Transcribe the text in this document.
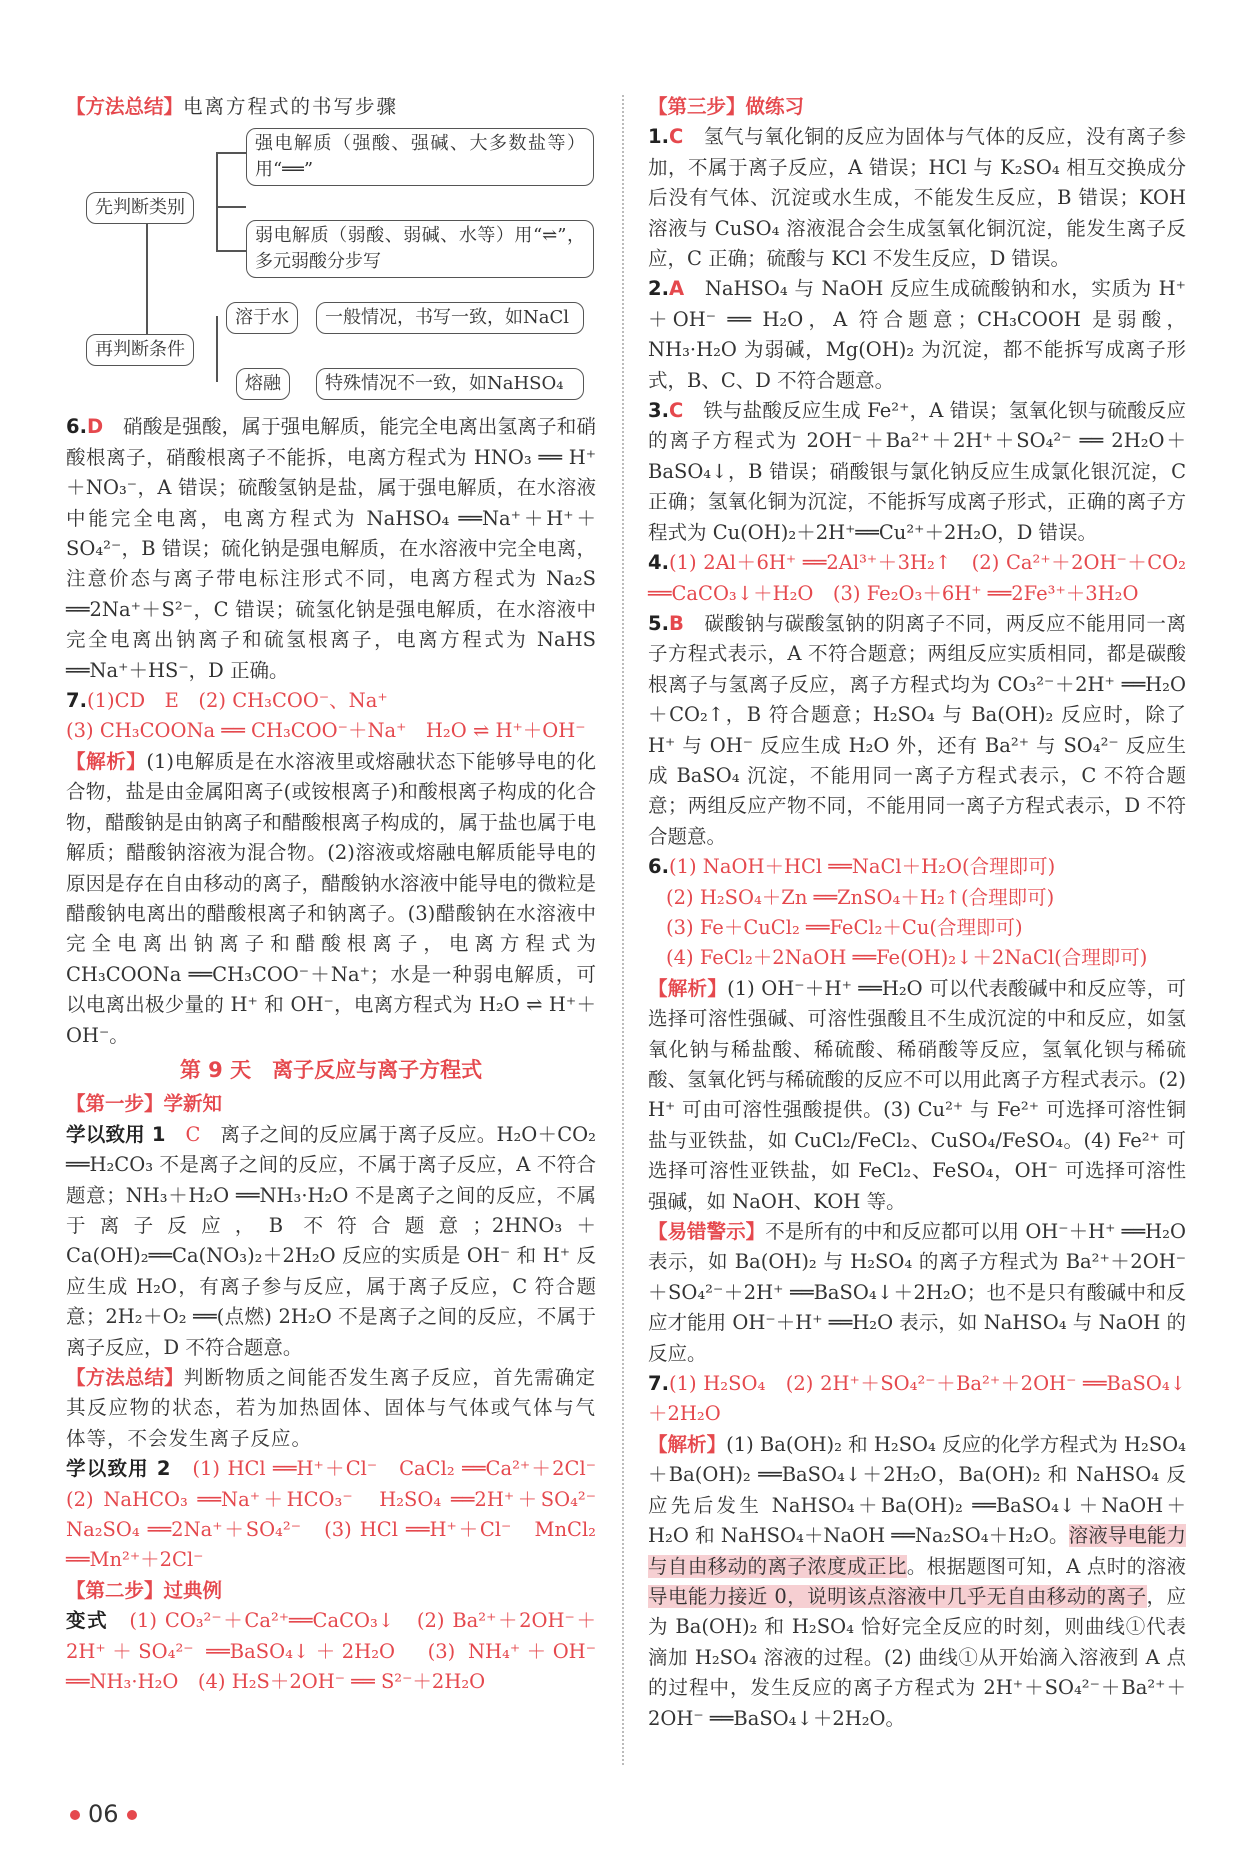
【方法总结】电离方程式的书写步骤

先判断类别
强电解质（强酸、强碱、大多数盐等）用“══”
弱电解质（弱酸、弱碱、水等）用“⇌”，多元弱酸分步写
再判断条件
溶于水
熔融
一般情况，书写一致，如NaCl
特殊情况不一致，如NaHSO₄

6.D　 硝酸是强酸，属于强电解质，能完全电离出氢离子和硝酸根离子，硝酸根离子不能拆，电离方程式为 HNO₃ ══ H⁺＋NO₃⁻，A 错误；硫酸氢钠是盐，属于强电解质，在水溶液中能完全电离，电离方程式为 NaHSO₄ ══Na⁺＋H⁺＋SO₄²⁻，B 错误；硫化钠是强电解质，在水溶液中完全电离，注意价态与离子带电标注形式不同，电离方程式为 Na₂S ══2Na⁺＋S²⁻，C 错误；硫氢化钠是强电解质，在水溶液中完全电离出钠离子和硫氢根离子，电离方程式为 NaHS ══Na⁺＋HS⁻，D 正确。

7.(1)CD　E　(2) CH₃COO⁻、Na⁺

(3) CH₃COONa ══ CH₃COO⁻＋Na⁺　H₂O ⇌ H⁺＋OH⁻

【解析】(1)电解质是在水溶液里或熔融状态下能够导电的化合物，盐是由金属阳离子(或铵根离子)和酸根离子构成的化合物，醋酸钠是由钠离子和醋酸根离子构成的，属于盐也属于电解质；醋酸钠溶液为混合物。(2)溶液或熔融电解质能导电的原因是存在自由移动的离子，醋酸钠水溶液中能导电的微粒是醋酸钠电离出的醋酸根离子和钠离子。(3)醋酸钠在水溶液中完全电离出钠离子和醋酸根离子，电离方程式为 CH₃COONa ══CH₃COO⁻＋Na⁺；水是一种弱电解质，可以电离出极少量的 H⁺ 和 OH⁻，电离方程式为 H₂O ⇌ H⁺＋OH⁻。

第 9 天　离子反应与离子方程式

【第一步】学新知

学以致用 1　 C　 离子之间的反应属于离子反应。H₂O＋CO₂ ══H₂CO₃ 不是离子之间的反应，不属于离子反应，A 不符合题意；NH₃＋H₂O ══NH₃·H₂O 不是离子之间的反应，不属于离子反应，B 不符合题意；2HNO₃＋Ca(OH)₂══Ca(NO₃)₂＋2H₂O 反应的实质是 OH⁻ 和 H⁺ 反应生成 H₂O，有离子参与反应，属于离子反应，C 符合题意；2H₂＋O₂ ══(点燃) 2H₂O 不是离子之间的反应，不属于离子反应，D 不符合题意。

【方法总结】判断物质之间能否发生离子反应，首先需确定其反应物的状态，若为加热固体、固体与气体或气体与气体等，不会发生离子反应。

学以致用 2　 (1) HCl ══H⁺＋Cl⁻　CaCl₂ ══Ca²⁺＋2Cl⁻　(2) NaHCO₃ ══Na⁺＋HCO₃⁻　H₂SO₄ ══2H⁺＋SO₄²⁻　Na₂SO₄ ══2Na⁺＋SO₄²⁻　(3) HCl ══H⁺＋Cl⁻　MnCl₂ ══Mn²⁺＋2Cl⁻

【第二步】过典例

变式　 (1) CO₃²⁻＋Ca²⁺══CaCO₃↓　(2) Ba²⁺＋2OH⁻＋2H⁺＋SO₄²⁻ ══BaSO₄↓＋2H₂O　(3) NH₄⁺＋OH⁻ ══NH₃·H₂O　(4) H₂S＋2OH⁻ ══ S²⁻＋2H₂O

【第三步】做练习

1.C　 氢气与氧化铜的反应为固体与气体的反应，没有离子参加，不属于离子反应，A 错误；HCl 与 K₂SO₄ 相互交换成分后没有气体、沉淀或水生成，不能发生反应，B 错误；KOH 溶液与 CuSO₄ 溶液混合会生成氢氧化铜沉淀，能发生离子反应，C 正确；硫酸与 KCl 不发生反应，D 错误。

2.A　 NaHSO₄ 与 NaOH 反应生成硫酸钠和水，实质为 H⁺＋OH⁻ ══ H₂O，A 符合题意；CH₃COOH 是弱酸，NH₃·H₂O 为弱碱，Mg(OH)₂ 为沉淀，都不能拆写成离子形式，B、C、D 不符合题意。

3.C　 铁与盐酸反应生成 Fe²⁺，A 错误；氢氧化钡与硫酸反应的离子方程式为 2OH⁻＋Ba²⁺＋2H⁺＋SO₄²⁻ ══ 2H₂O＋BaSO₄↓，B 错误；硝酸银与氯化钠反应生成氯化银沉淀，C 正确；氢氧化铜为沉淀，不能拆写成离子形式，正确的离子方程式为 Cu(OH)₂＋2H⁺══Cu²⁺＋2H₂O，D 错误。

4.(1) 2Al＋6H⁺ ══2Al³⁺＋3H₂↑　(2) Ca²⁺＋2OH⁻＋CO₂ ══CaCO₃↓＋H₂O　(3) Fe₂O₃＋6H⁺ ══2Fe³⁺＋3H₂O

5.B　 碳酸钠与碳酸氢钠的阴离子不同，两反应不能用同一离子方程式表示，A 不符合题意；两组反应实质相同，都是碳酸根离子与氢离子反应，离子方程式均为 CO₃²⁻＋2H⁺ ══H₂O＋CO₂↑，B 符合题意；H₂SO₄ 与 Ba(OH)₂ 反应时，除了 H⁺ 与 OH⁻ 反应生成 H₂O 外，还有 Ba²⁺ 与 SO₄²⁻ 反应生成 BaSO₄ 沉淀，不能用同一离子方程式表示，C 不符合题意；两组反应产物不同，不能用同一离子方程式表示，D 不符合题意。

6.(1) NaOH＋HCl ══NaCl＋H₂O(合理即可)

(2) H₂SO₄＋Zn ══ZnSO₄＋H₂↑(合理即可)

(3) Fe＋CuCl₂ ══FeCl₂＋Cu(合理即可)

(4) FeCl₂＋2NaOH ══Fe(OH)₂↓＋2NaCl(合理即可)

【解析】(1) OH⁻＋H⁺ ══H₂O 可以代表酸碱中和反应等，可选择可溶性强碱、可溶性强酸且不生成沉淀的中和反应，如氢氧化钠与稀盐酸、稀硫酸、稀硝酸等反应，氢氧化钡与稀硫酸、氢氧化钙与稀硫酸的反应不可以用此离子方程式表示。(2) H⁺ 可由可溶性强酸提供。(3) Cu²⁺ 与 Fe²⁺ 可选择可溶性铜盐与亚铁盐，如 CuCl₂/FeCl₂、CuSO₄/FeSO₄。(4) Fe²⁺ 可选择可溶性亚铁盐，如 FeCl₂、FeSO₄，OH⁻ 可选择可溶性强碱，如 NaOH、KOH 等。

【易错警示】不是所有的中和反应都可以用 OH⁻＋H⁺ ══H₂O 表示，如 Ba(OH)₂ 与 H₂SO₄ 的离子方程式为 Ba²⁺＋2OH⁻＋SO₄²⁻＋2H⁺ ══BaSO₄↓＋2H₂O；也不是只有酸碱中和反应才能用 OH⁻＋H⁺ ══H₂O 表示，如 NaHSO₄ 与 NaOH 的反应。

7.(1) H₂SO₄　(2) 2H⁺＋SO₄²⁻＋Ba²⁺＋2OH⁻ ══BaSO₄↓＋2H₂O

【解析】(1) Ba(OH)₂ 和 H₂SO₄ 反应的化学方程式为 H₂SO₄＋Ba(OH)₂ ══BaSO₄↓＋2H₂O，Ba(OH)₂ 和 NaHSO₄ 反应先后发生 NaHSO₄＋Ba(OH)₂ ══BaSO₄↓＋NaOH＋H₂O 和 NaHSO₄＋NaOH ══Na₂SO₄＋H₂O。溶液导电能力与自由移动的离子浓度成正比。根据题图可知，A 点时的溶液导电能力接近 0，说明该点溶液中几乎无自由移动的离子，应为 Ba(OH)₂ 和 H₂SO₄ 恰好完全反应的时刻，则曲线①代表滴加 H₂SO₄ 溶液的过程。(2) 曲线①从开始滴入溶液到 A 点的过程中，发生反应的离子方程式为 2H⁺＋SO₄²⁻＋Ba²⁺＋2OH⁻ ══BaSO₄↓＋2H₂O。

06
